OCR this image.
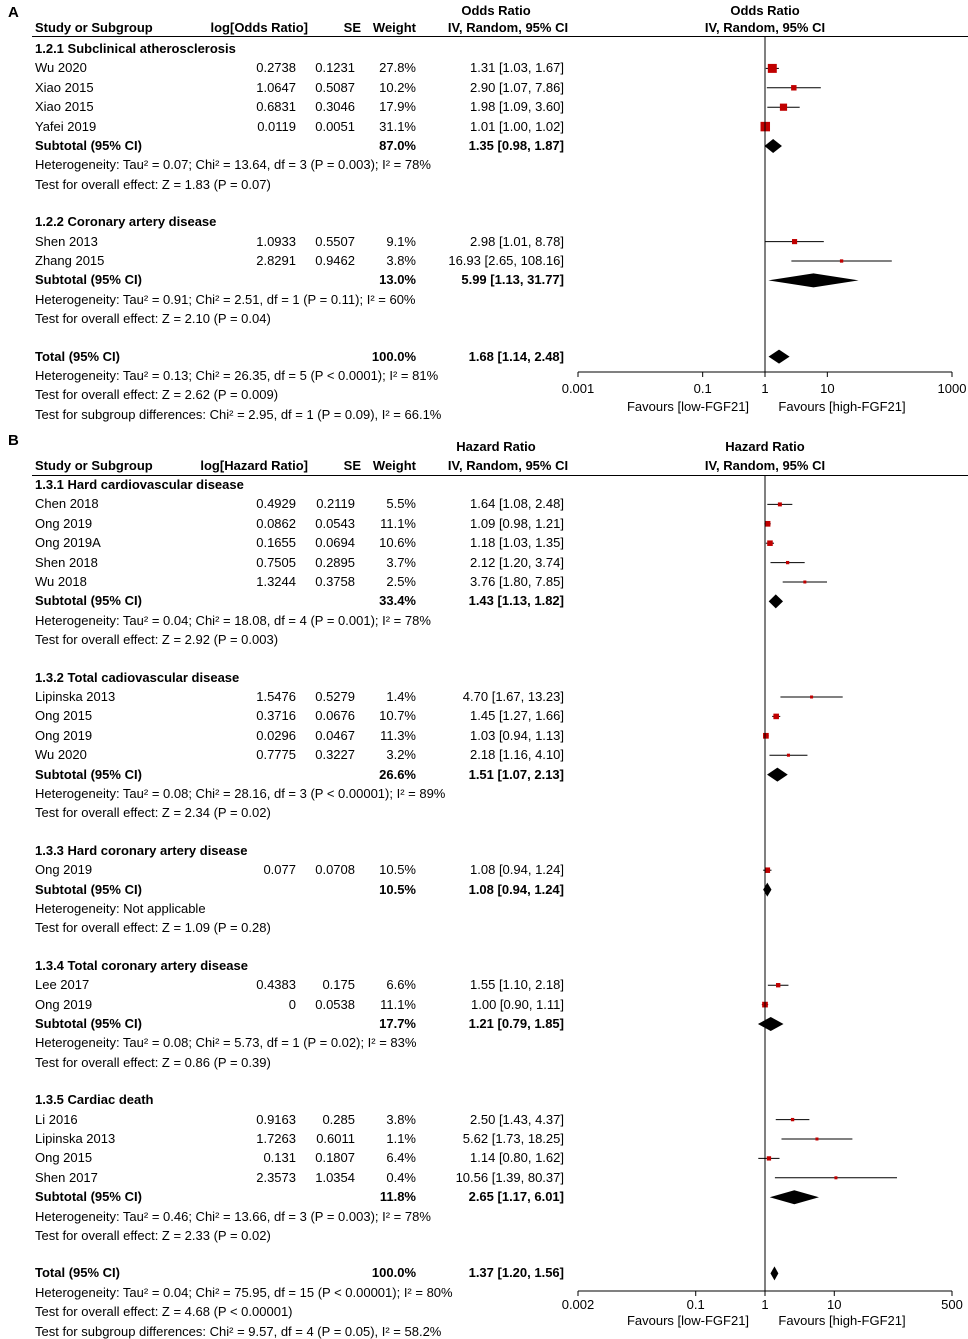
A	Odds Ratio	Odds Ratio
Study or Subgroup	log[Odds Ratio]	SE Weight	IV, Random, 95% CI	IV, Random, 95% CI
1.2.1 Subclinical atherosclerosis
Wu 2020	0.2738	0.1231	27.8%	1.31 [1.03, 1.67]
Xiao 2015	1.0647	0.5087	10.2%	2.90 [1.07, 7.86]
Xiao 2015	0.6831	0.3046	17.9%	1.98 [1.09, 3.60]
Yafei 2019	0.0119	0.0051	31.1%	1.01 [1.00, 1.02]
Subtotal (95% CI)	87.0%	1.35 [0.98, 1.87]
Heterogeneity: Tau² = 0.07; Chi² = 13.64, df = 3 (P = 0.003); I² = 78%
Test for overall effect: Z = 1.83 (P = 0.07)
1.2.2 Coronary artery disease
Shen 2013	1.0933	0.5507	9.1%	2.98 [1.01, 8.78]
Zhang 2015	2.8291	0.9462	3.8%	16.93 [2.65, 108.16]
Subtotal (95% CI)	13.0%	5.99 [1.13, 31.77]
Heterogeneity: Tau² = 0.91; Chi² = 2.51, df = 1 (P = 0.11); I² = 60%
Test for overall effect: Z = 2.10 (P = 0.04)
Total (95% CI)	100.0%	1.68 [1.14, 2.48]
Heterogeneity: Tau² = 0.13; Chi² = 26.35, df = 5 (P < 0.0001); I² = 81%
Test for overall effect: Z = 2.62 (P = 0.009)
Test for subgroup differences: Chi² = 2.95, df = 1 (P = 0.09), I² = 66.1%
0.001	0.1	1	10	1000
Favours [low-FGF21]	Favours [high-FGF21]
B	Hazard Ratio	Hazard Ratio
Study or Subgroup	log[Hazard Ratio]	SE Weight	IV, Random, 95% CI	IV, Random, 95% CI
1.3.1 Hard cardiovascular disease
Chen 2018	0.4929	0.2119	5.5%	1.64 [1.08, 2.48]
Ong 2019	0.0862	0.0543	11.1%	1.09 [0.98, 1.21]
Ong 2019A	0.1655	0.0694	10.6%	1.18 [1.03, 1.35]
Shen 2018	0.7505	0.2895	3.7%	2.12 [1.20, 3.74]
Wu 2018	1.3244	0.3758	2.5%	3.76 [1.80, 7.85]
Subtotal (95% CI)	33.4%	1.43 [1.13, 1.82]
Heterogeneity: Tau² = 0.04; Chi² = 18.08, df = 4 (P = 0.001); I² = 78%
Test for overall effect: Z = 2.92 (P = 0.003)
1.3.2 Total cadiovascular disease
Lipinska 2013	1.5476	0.5279	1.4%	4.70 [1.67, 13.23]
Ong 2015	0.3716	0.0676	10.7%	1.45 [1.27, 1.66]
Ong 2019	0.0296	0.0467	11.3%	1.03 [0.94, 1.13]
Wu 2020	0.7775	0.3227	3.2%	2.18 [1.16, 4.10]
Subtotal (95% CI)	26.6%	1.51 [1.07, 2.13]
Heterogeneity: Tau² = 0.08; Chi² = 28.16, df = 3 (P < 0.00001); I² = 89%
Test for overall effect: Z = 2.34 (P = 0.02)
1.3.3 Hard coronary artery disease
Ong 2019	0.077	0.0708	10.5%	1.08 [0.94, 1.24]
Subtotal (95% CI)	10.5%	1.08 [0.94, 1.24]
Heterogeneity: Not applicable
Test for overall effect: Z = 1.09 (P = 0.28)
1.3.4 Total coronary artery disease
Lee 2017	0.4383	0.175	6.6%	1.55 [1.10, 2.18]
Ong 2019	0	0.0538	11.1%	1.00 [0.90, 1.11]
Subtotal (95% CI)	17.7%	1.21 [0.79, 1.85]
Heterogeneity: Tau² = 0.08; Chi² = 5.73, df = 1 (P = 0.02); I² = 83%
Test for overall effect: Z = 0.86 (P = 0.39)
1.3.5 Cardiac death
Li 2016	0.9163	0.285	3.8%	2.50 [1.43, 4.37]
Lipinska 2013	1.7263	0.6011	1.1%	5.62 [1.73, 18.25]
Ong 2015	0.131	0.1807	6.4%	1.14 [0.80, 1.62]
Shen 2017	2.3573	1.0354	0.4%	10.56 [1.39, 80.37]
Subtotal (95% CI)	11.8%	2.65 [1.17, 6.01]
Heterogeneity: Tau² = 0.46; Chi² = 13.66, df = 3 (P = 0.003); I² = 78%
Test for overall effect: Z = 2.33 (P = 0.02)
Total (95% CI)	100.0%	1.37 [1.20, 1.56]
Heterogeneity: Tau² = 0.04; Chi² = 75.95, df = 15 (P < 0.00001); I² = 80%
Test for overall effect: Z = 4.68 (P < 0.00001)
Test for subgroup differences: Chi² = 9.57, df = 4 (P = 0.05), I² = 58.2%
0.002	0.1	1	10	500
Favours [low-FGF21]	Favours [high-FGF21]
